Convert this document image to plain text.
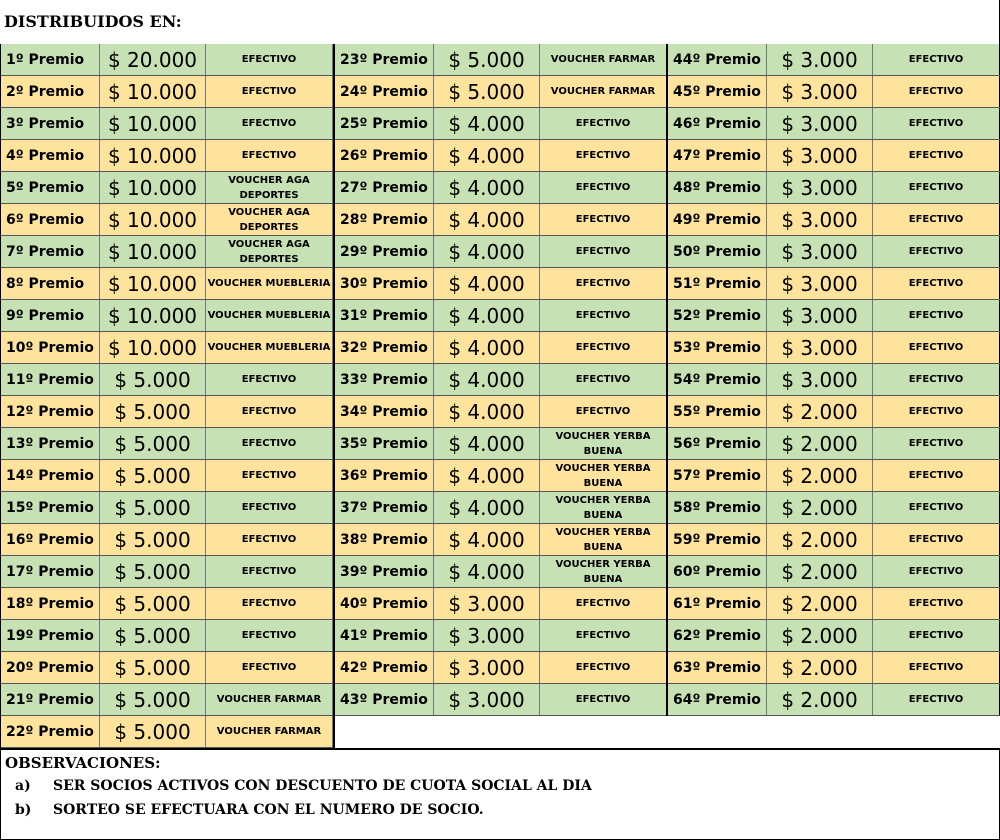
DISTRIBUIDOS EN:
1º Premio	$ 20.000	EFECTIVO
2º Premio	$ 10.000	EFECTIVO
3º Premio	$ 10.000	EFECTIVO
4º Premio	$ 10.000	EFECTIVO
5º Premio	$ 10.000	VOUCHER AGA DEPORTES
6º Premio	$ 10.000	VOUCHER AGA DEPORTES
7º Premio	$ 10.000	VOUCHER AGA DEPORTES
8º Premio	$ 10.000	VOUCHER MUEBLERIA
9º Premio	$ 10.000	VOUCHER MUEBLERIA
10º Premio $ 10.000	VOUCHER MUEBLERIA
11º Premio	$ 5.000	EFECTIVO
12º Premio	$ 5.000	EFECTIVO
13º Premio	$ 5.000	EFECTIVO
14º Premio	$ 5.000	EFECTIVO
15º Premio	$ 5.000	EFECTIVO
16º Premio	$ 5.000	EFECTIVO
17º Premio	$ 5.000	EFECTIVO
18º Premio	$ 5.000	EFECTIVO
19º Premio	$ 5.000	EFECTIVO
20º Premio	$ 5.000	EFECTIVO
21º Premio	$ 5.000	VOUCHER FARMAR
22º Premio	$ 5.000	VOUCHER FARMAR
23º Premio	$ 5.000	VOUCHER FARMAR
24º Premio	$ 5.000	VOUCHER FARMAR
25º Premio	$ 4.000	EFECTIVO
26º Premio	$ 4.000	EFECTIVO
27º Premio	$ 4.000	EFECTIVO
28º Premio	$ 4.000	EFECTIVO
29º Premio	$ 4.000	EFECTIVO
30º Premio	$ 4.000	EFECTIVO
31º Premio	$ 4.000	EFECTIVO
32º Premio	$ 4.000	EFECTIVO
33º Premio	$ 4.000	EFECTIVO
34º Premio	$ 4.000	EFECTIVO
35º Premio	$ 4.000	VOUCHER YERBA BUENA
36º Premio	$ 4.000	VOUCHER YERBA BUENA
37º Premio	$ 4.000	VOUCHER YERBA BUENA
38º Premio	$ 4.000	VOUCHER YERBA BUENA
39º Premio	$ 4.000	VOUCHER YERBA BUENA
40º Premio	$ 3.000	EFECTIVO
41º Premio	$ 3.000	EFECTIVO
42º Premio	$ 3.000	EFECTIVO
43º Premio	$ 3.000	EFECTIVO
44º Premio	$ 3.000	EFECTIVO
45º Premio	$ 3.000	EFECTIVO
46º Premio	$ 3.000	EFECTIVO
47º Premio	$ 3.000	EFECTIVO
48º Premio	$ 3.000	EFECTIVO
49º Premio	$ 3.000	EFECTIVO
50º Premio	$ 3.000	EFECTIVO
51º Premio	$ 3.000	EFECTIVO
52º Premio	$ 3.000	EFECTIVO
53º Premio	$ 3.000	EFECTIVO
54º Premio	$ 3.000	EFECTIVO
55º Premio	$ 2.000	EFECTIVO
56º Premio	$ 2.000	EFECTIVO
57º Premio	$ 2.000	EFECTIVO
58º Premio	$ 2.000	EFECTIVO
59º Premio	$ 2.000	EFECTIVO
60º Premio	$ 2.000	EFECTIVO
61º Premio	$ 2.000	EFECTIVO
62º Premio	$ 2.000	EFECTIVO
63º Premio	$ 2.000	EFECTIVO
64º Premio	$ 2.000	EFECTIVO
OBSERVACIONES:
a)	SER SOCIOS ACTIVOS CON DESCUENTO DE CUOTA SOCIAL AL DIA
b)	SORTEO SE EFECTUARA CON EL NUMERO DE SOCIO.
